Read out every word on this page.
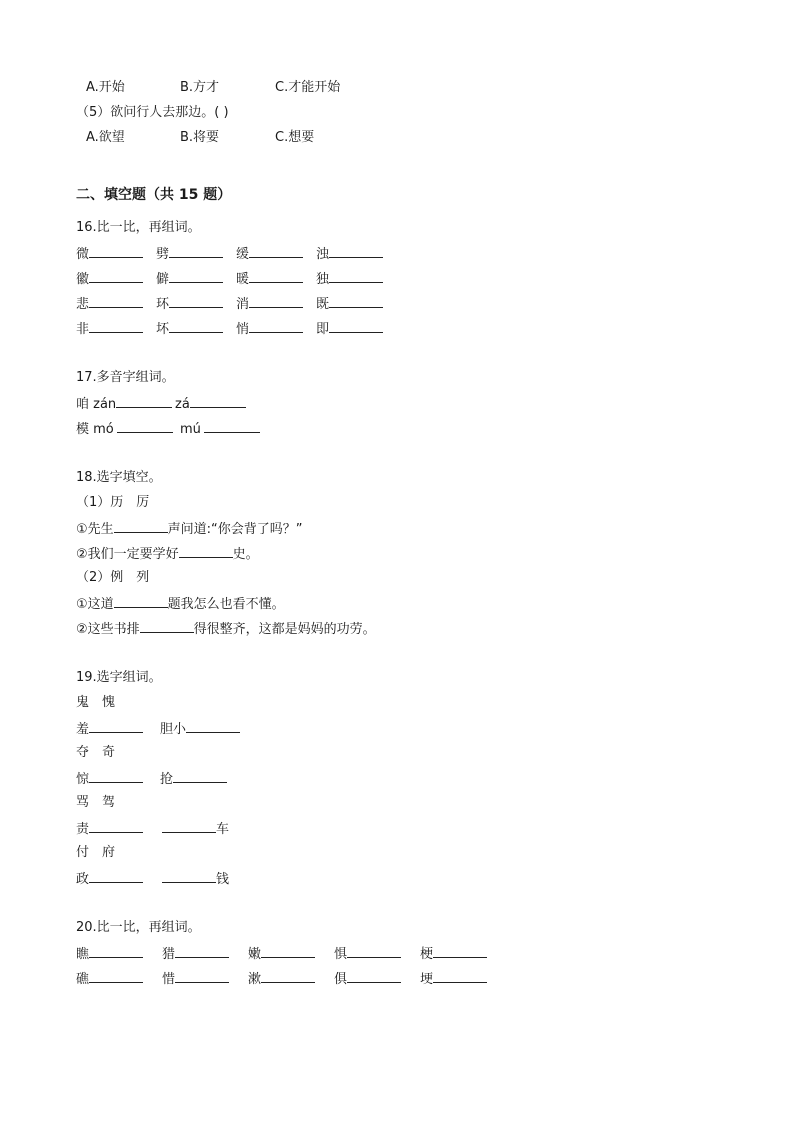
A.开始	B.方才	C.才能开始
（5）欲问行人去那边。( )
A.欲望	B.将要	C.想要
二、填空题（共 15 题）
16.比一比，再组词。
微	劈	缓	浊
徽	僻	暖	独
悲	环	消	既
非	坏	悄	即
17.多音字组词。
咱 zán	zá
模 mó	mú
18.选字填空。
（1）历　厉
①先生	声问道:“你会背了吗？”
②我们一定要学好	史。
（2）例　列
①这道	题我怎么也看不懂。
②这些书排	得很整齐，这都是妈妈的功劳。
19.选字组词。
鬼　愧
羞	胆小
夺　奇
惊	抢
骂　驾
责	车
付　府
政	钱
20.比一比，再组词。
瞧	猎	嫩	惧	梗
礁	惜	漱	俱	埂
